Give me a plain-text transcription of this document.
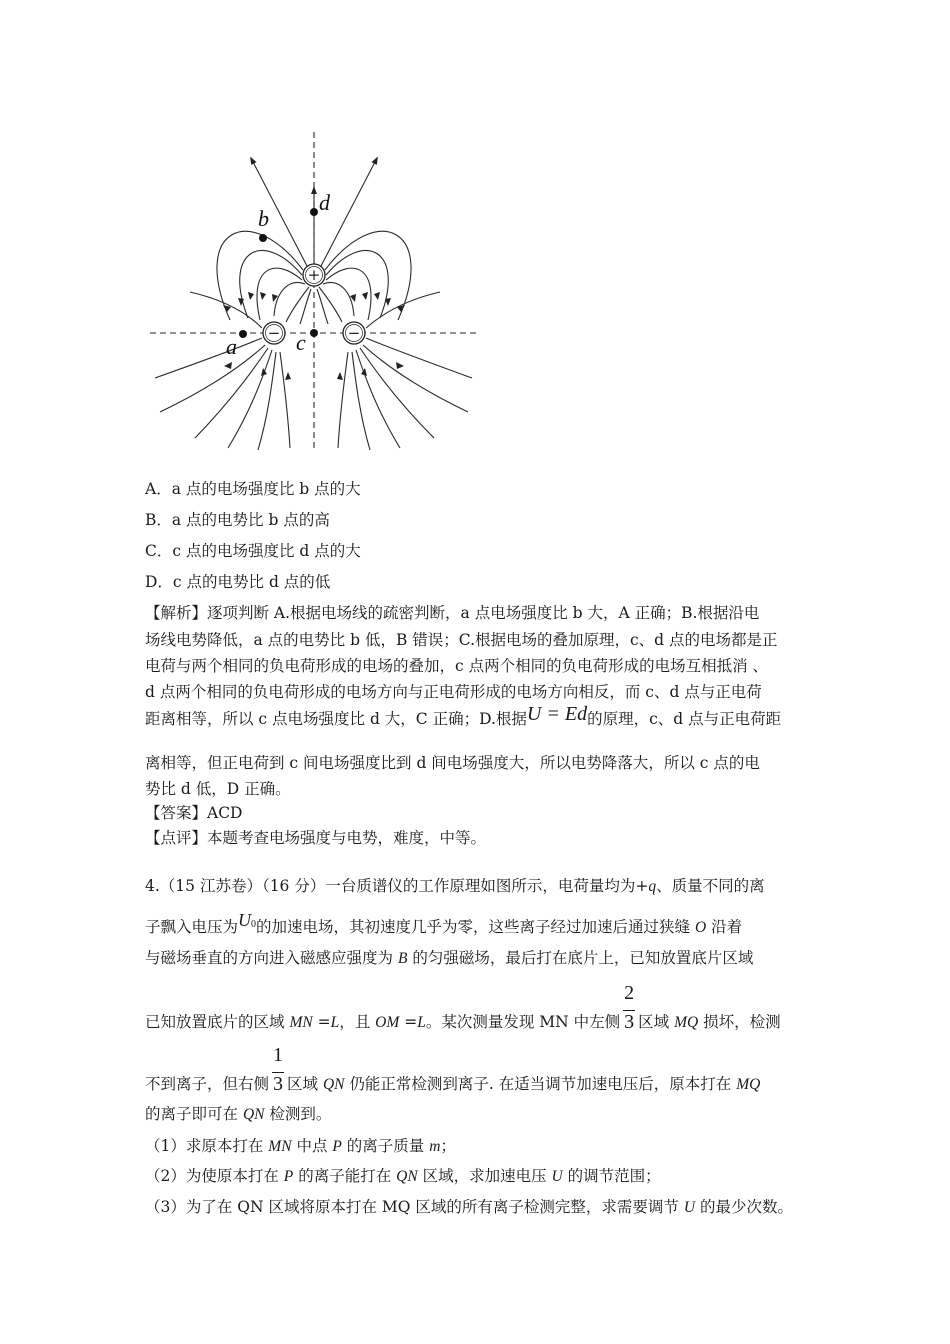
+
−	−
a
b
c
d
A．a 点的电场强度比 b 点的大
B．a 点的电势比 b 点的高
C．c 点的电场强度比 d 点的大
D．c 点的电势比 d 点的低
【解析】逐项判断 A.根据电场线的疏密判断，a 点电场强度比 b 大，A 正确；B.根据沿电
场线电势降低，a 点的电势比 b 低，B 错误；C.根据电场的叠加原理，c、d 点的电场都是正
电荷与两个相同的负电荷形成的电场的叠加，c 点两个相同的负电荷形成的电场互相抵消 、
d 点两个相同的负电荷形成的电场方向与正电荷形成的电场方向相反，而 c、d 点与正电荷
距离相等，所以 c 点电场强度比 d 大，C 正确；D.根据U = Ed的原理，c、d 点与正电荷距
离相等，但正电荷到 c 间电场强度比到 d 间电场强度大，所以电势降落大，所以 c 点的电
势比 d 低，D 正确。
【答案】ACD
【点评】本题考查电场强度与电势，难度，中等。
4.（15 江苏卷）（16 分）一台质谱仪的工作原理如图所示，电荷量均为+q、质量不同的离
子飘入电压为U0的加速电场，其初速度几乎为零，这些离子经过加速后通过狭缝 O 沿着
与磁场垂直的方向进入磁感应强度为 B 的匀强磁场，最后打在底片上，已知放置底片区域
已知放置底片的区域 MN =L，且 OM =L。某次测量发现 MN 中左侧 $\frac{2}{3}$ 区域 MQ 损坏，检测
不到离子，但右侧 $\frac{1}{3}$ 区域 QN 仍能正常检测到离子. 在适当调节加速电压后，原本打在 MQ
的离子即可在 QN 检测到。
（1）求原本打在 MN 中点 P 的离子质量 m；
（2）为使原本打在 P 的离子能打在 QN 区域，求加速电压 U 的调节范围；
（3）为了在 QN 区域将原本打在 MQ 区域的所有离子检测完整，求需要调节 U 的最少次数。
